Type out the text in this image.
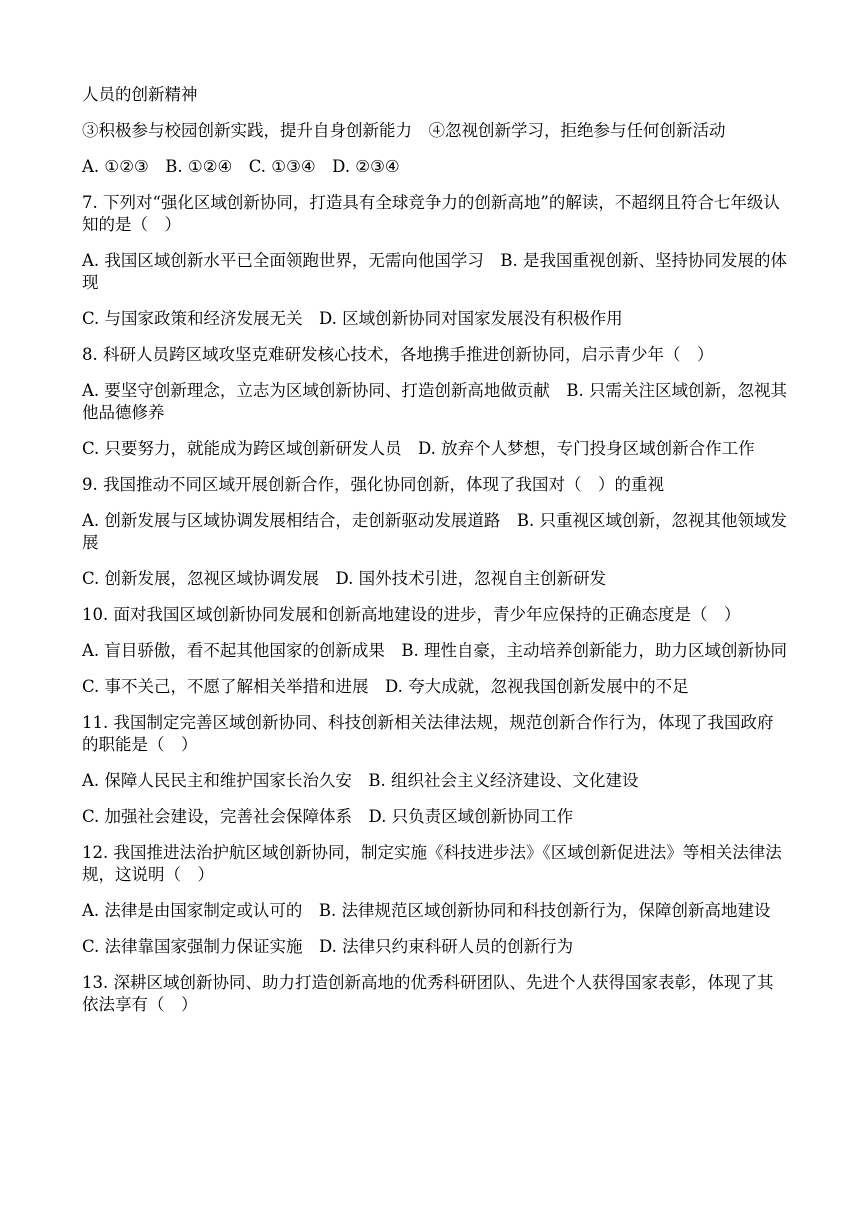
人员的创新精神

③积极参与校园创新实践，提升自身创新能力　④忽视创新学习，拒绝参与任何创新活动

A. ①②③　B. ①②④　C. ①③④　D. ②③④

7. 下列对“强化区域创新协同，打造具有全球竞争力的创新高地”的解读，不超纲且符合七年级认知的是（　）

A. 我国区域创新水平已全面领跑世界，无需向他国学习　B. 是我国重视创新、坚持协同发展的体现

C. 与国家政策和经济发展无关　D. 区域创新协同对国家发展没有积极作用

8. 科研人员跨区域攻坚克难研发核心技术，各地携手推进创新协同，启示青少年（　）

A. 要坚守创新理念，立志为区域创新协同、打造创新高地做贡献　B. 只需关注区域创新，忽视其他品德修养

C. 只要努力，就能成为跨区域创新研发人员　D. 放弃个人梦想，专门投身区域创新合作工作

9. 我国推动不同区域开展创新合作，强化协同创新，体现了我国对（　）的重视

A. 创新发展与区域协调发展相结合，走创新驱动发展道路　B. 只重视区域创新，忽视其他领域发展

C. 创新发展，忽视区域协调发展　D. 国外技术引进，忽视自主创新研发

10. 面对我国区域创新协同发展和创新高地建设的进步，青少年应保持的正确态度是（　）

A. 盲目骄傲，看不起其他国家的创新成果　B. 理性自豪，主动培养创新能力，助力区域创新协同

C. 事不关己，不愿了解相关举措和进展　D. 夸大成就，忽视我国创新发展中的不足

11. 我国制定完善区域创新协同、科技创新相关法律法规，规范创新合作行为，体现了我国政府的职能是（　）

A. 保障人民民主和维护国家长治久安　B. 组织社会主义经济建设、文化建设

C. 加强社会建设，完善社会保障体系　D. 只负责区域创新协同工作

12. 我国推进法治护航区域创新协同，制定实施《科技进步法》《区域创新促进法》等相关法律法规，这说明（　）

A. 法律是由国家制定或认可的　B. 法律规范区域创新协同和科技创新行为，保障创新高地建设

C. 法律靠国家强制力保证实施　D. 法律只约束科研人员的创新行为

13. 深耕区域创新协同、助力打造创新高地的优秀科研团队、先进个人获得国家表彰，体现了其依法享有（　）
